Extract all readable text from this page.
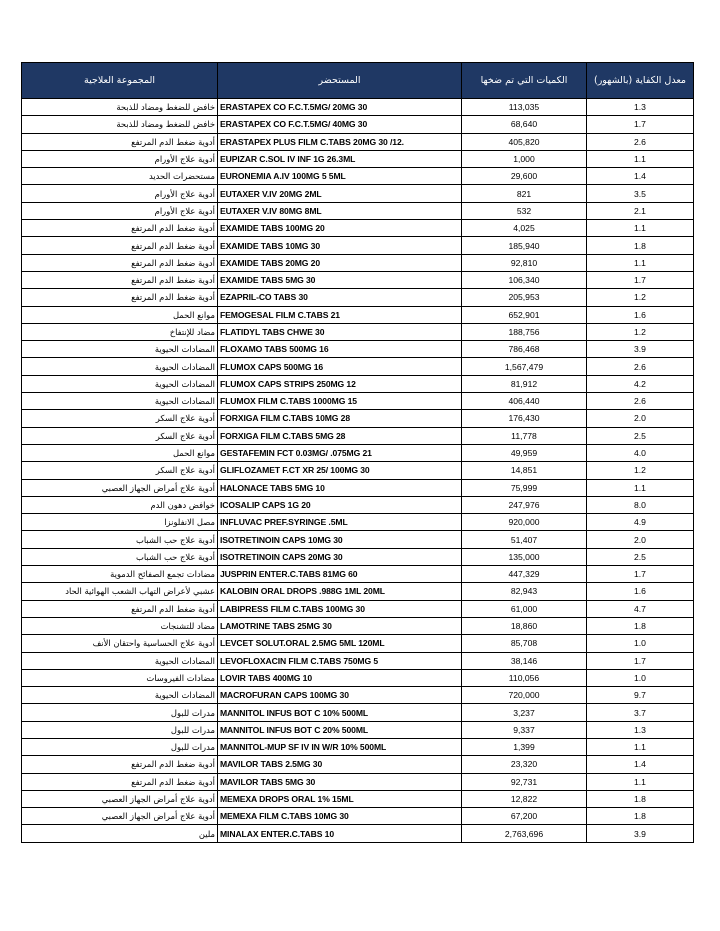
المجموعة العلاجية	المستحضر	الكميات التي تم ضخها	معدل الكفاية (بالشهور)
خافض للضغط ومضاد للذبحة	ERASTAPEX CO F.C.T.5MG/ 20MG 30	113,035	1.3
خافض للضغط ومضاد للذبحة	ERASTAPEX CO F.C.T.5MG/ 40MG 30	68,640	1.7
أدوية ضغط الدم المرتفع	ERASTAPEX PLUS FILM C.TABS 20MG 30 /12.	405,820	2.6
أدوية علاج الأورام	EUPIZAR C.SOL IV INF 1G 26.3ML	1,000	1.1
مستحضرات الحديد	EURONEMIA A.IV 100MG 5 5ML	29,600	1.4
أدوية علاج الأورام	EUTAXER V.IV 20MG 2ML	821	3.5
أدوية علاج الأورام	EUTAXER V.IV 80MG 8ML	532	2.1
أدوية ضغط الدم المرتفع	EXAMIDE TABS 100MG 20	4,025	1.1
أدوية ضغط الدم المرتفع	EXAMIDE TABS 10MG 30	185,940	1.8
أدوية ضغط الدم المرتفع	EXAMIDE TABS 20MG 20	92,810	1.1
أدوية ضغط الدم المرتفع	EXAMIDE TABS 5MG 30	106,340	1.7
أدوية ضغط الدم المرتفع	EZAPRIL-CO TABS 30	205,953	1.2
موانع الحمل	FEMOGESAL FILM C.TABS 21	652,901	1.6
مضاد للإنتفاخ	FLATIDYL TABS CHWE 30	188,756	1.2
المضادات الحيوية	FLOXAMO TABS 500MG 16	786,468	3.9
المضادات الحيوية	FLUMOX CAPS 500MG 16	1,567,479	2.6
المضادات الحيوية	FLUMOX CAPS STRIPS 250MG 12	81,912	4.2
المضادات الحيوية	FLUMOX FILM C.TABS 1000MG 15	406,440	2.6
أدوية علاج السكر	FORXIGA FILM C.TABS 10MG 28	176,430	2.0
أدوية علاج السكر	FORXIGA FILM C.TABS 5MG 28	11,778	2.5
موانع الحمل	GESTAFEMIN FCT 0.03MG/ .075MG 21	49,959	4.0
أدوية علاج السكر	GLIFLOZAMET F.CT XR 25/ 100MG 30	14,851	1.2
أدوية علاج أمراض الجهاز العصبي	HALONACE TABS 5MG 10	75,999	1.1
خوافض دهون الدم	ICOSALIP CAPS 1G 20	247,976	8.0
مصل الانفلونزا	INFLUVAC PREF.SYRINGE .5ML	920,000	4.9
أدوية علاج حب الشباب	ISOTRETINOIN CAPS 10MG 30	51,407	2.0
أدوية علاج حب الشباب	ISOTRETINOIN CAPS 20MG 30	135,000	2.5
مضادات تجمع الصفائح الدموية	JUSPRIN ENTER.C.TABS 81MG 60	447,329	1.7
عشبي لأعراض التهاب الشعب الهوائية الحاد	KALOBIN ORAL DROPS .988G 1ML 20ML	82,943	1.6
أدوية ضغط الدم المرتفع	LABIPRESS FILM C.TABS 100MG 30	61,000	4.7
مضاد للتشنجات	LAMOTRINE TABS 25MG 30	18,860	1.8
أدوية علاج الحساسية واحتقان الأنف	LEVCET SOLUT.ORAL 2.5MG 5ML 120ML	85,708	1.0
المضادات الحيوية	LEVOFLOXACIN FILM C.TABS 750MG 5	38,146	1.7
مضادات الفيروسات	LOVIR TABS 400MG 10	110,056	1.0
المضادات الحيوية	MACROFURAN CAPS 100MG 30	720,000	9.7
مدرات للبول	MANNITOL INFUS BOT C 10% 500ML	3,237	3.7
مدرات للبول	MANNITOL INFUS BOT C 20% 500ML	9,337	1.3
مدرات للبول	MANNITOL-MUP SF IV IN W/R 10% 500ML	1,399	1.1
أدوية ضغط الدم المرتفع	MAVILOR TABS 2.5MG 30	23,320	1.4
أدوية ضغط الدم المرتفع	MAVILOR TABS 5MG 30	92,731	1.1
أدوية علاج أمراض الجهاز العصبي	MEMEXA DROPS ORAL 1% 15ML	12,822	1.8
أدوية علاج أمراض الجهاز العصبي	MEMEXA FILM C.TABS 10MG 30	67,200	1.8
ملين	MINALAX ENTER.C.TABS 10	2,763,696	3.9
